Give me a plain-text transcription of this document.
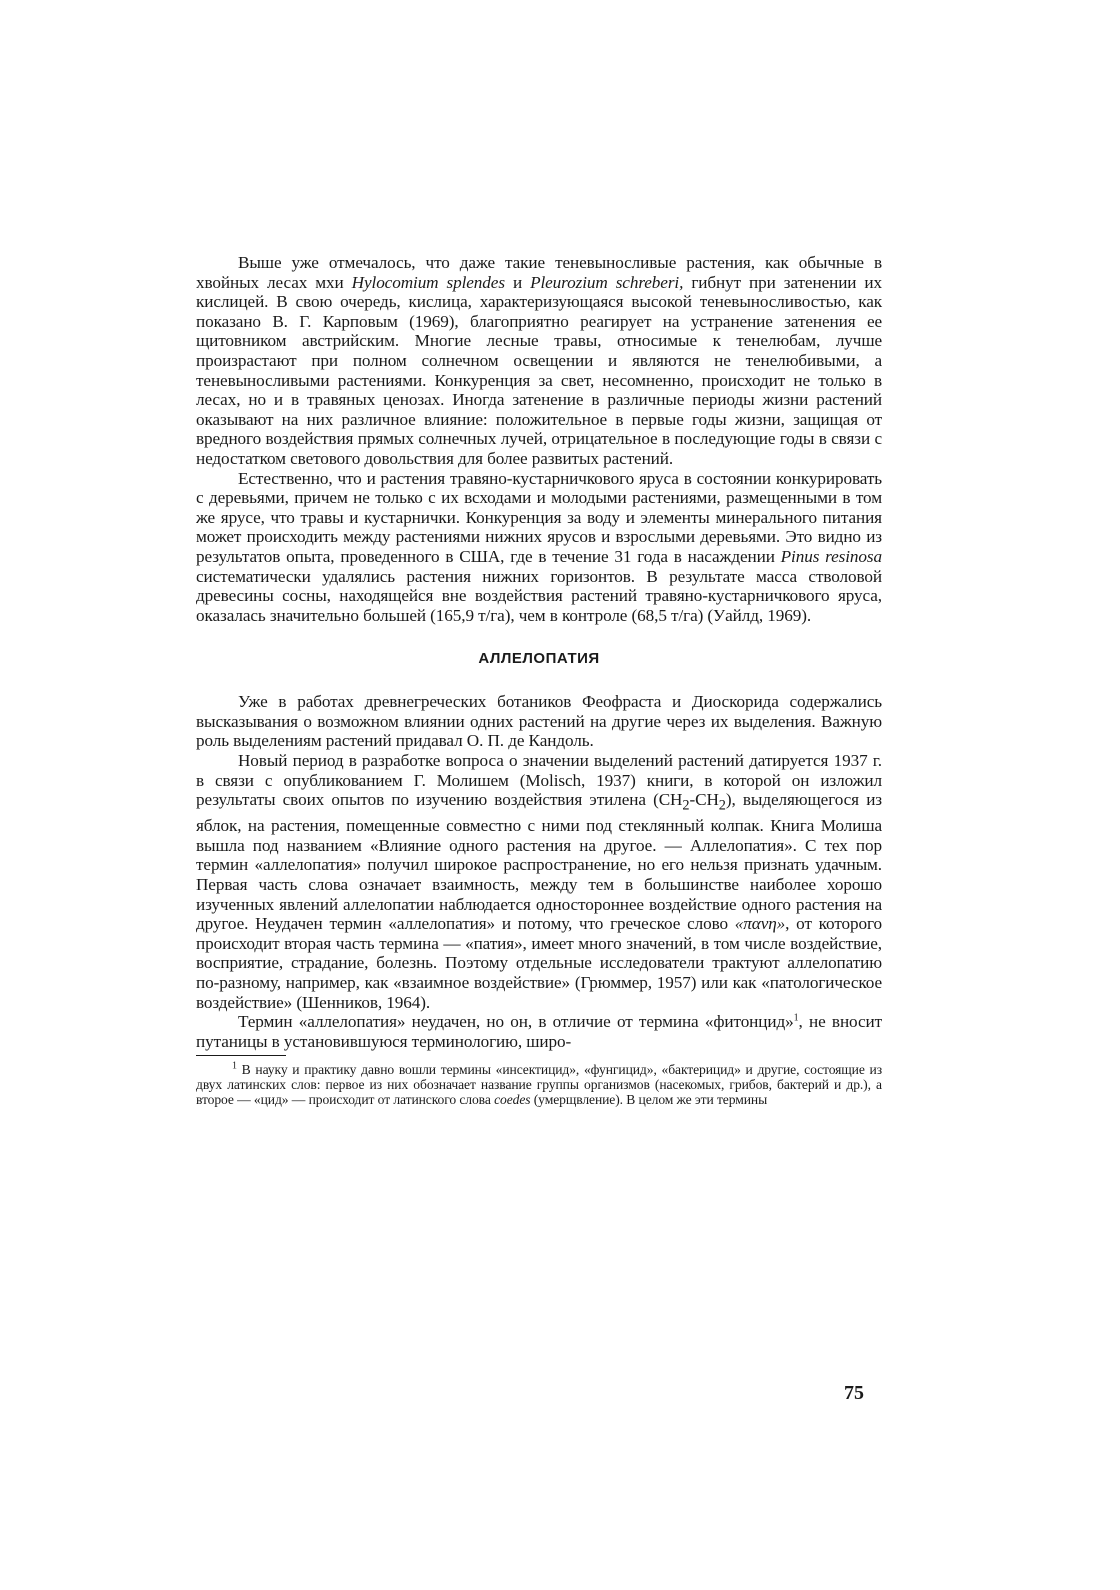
Выше уже отмечалось, что даже такие теневыносливые растения, как обычные в хвойных лесах мхи Hylocomium splendes и Pleurozium schreberi, гибнут при затенении их кислицей. В свою очередь, кислица, характеризующаяся высокой теневыносливостью, как показано В. Г. Карповым (1969), благоприятно реагирует на устранение затенения ее щитовником австрийским. Многие лесные травы, относимые к тенелюбам, лучше произрастают при полном солнечном освещении и являются не тенелюбивыми, а теневыносливыми растениями. Конкуренция за свет, несомненно, происходит не только в лесах, но и в травяных ценозах. Иногда затенение в различные периоды жизни растений оказывают на них различное влияние: положительное в первые годы жизни, защищая от вредного воздействия прямых солнечных лучей, отрицательное в последующие годы в связи с недостатком светового довольствия для более развитых растений.

Естественно, что и растения травяно-кустарничкового яруса в состоянии конкурировать с деревьями, причем не только с их всходами и молодыми растениями, размещенными в том же ярусе, что травы и кустарнички. Конкуренция за воду и элементы минерального питания может происходить между растениями нижних ярусов и взрослыми деревьями. Это видно из результатов опыта, проведенного в США, где в течение 31 года в насаждении Pinus resinosa систематически удалялись растения нижних горизонтов. В результате масса стволовой древесины сосны, находящейся вне воздействия растений травяно-кустарничкового яруса, оказалась значительно большей (165,9 т/га), чем в контроле (68,5 т/га) (Уайлд, 1969).

АЛЛЕЛОПАТИЯ

Уже в работах древнегреческих ботаников Феофраста и Диоскорида содержались высказывания о возможном влиянии одних растений на другие через их выделения. Важную роль выделениям растений придавал О. П. де Кандоль.

Новый период в разработке вопроса о значении выделений растений датируется 1937 г. в связи с опубликованием Г. Молишем (Molisch, 1937) книги, в которой он изложил результаты своих опытов по изучению воздействия этилена $(CH_2-CH_2)$, выделяющегося из яблок, на растения, помещенные совместно с ними под стеклянный колпак. Книга Молиша вышла под названием «Влияние одного растения на другое. — Аллелопатия». С тех пор термин «аллелопатия» получил широкое распространение, но его нельзя признать удачным. Первая часть слова означает взаимность, между тем в большинстве наиболее хорошо изученных явлений аллелопатии наблюдается одностороннее воздействие одного растения на другое. Неудачен термин «аллелопатия» и потому, что греческое слово «παvη», от которого происходит вторая часть термина — «патия», имеет много значений, в том числе воздействие, восприятие, страдание, болезнь. Поэтому отдельные исследователи трактуют аллелопатию по-разному, например, как «взаимное воздействие» (Грюммер, 1957) или как «патологическое воздействие» (Шенников, 1964).

Термин «аллелопатия» неудачен, но он, в отличие от термина «фитонцид»$^1$, не вносит путаницы в установившуюся терминологию, широ-

$^1$ В науку и практику давно вошли термины «инсектицид», «фунгицид», «бактерицид» и другие, состоящие из двух латинских слов: первое из них обозначает название группы организмов (насекомых, грибов, бактерий и др.), а второе — «цид» — происходит от латинского слова coedes (умерщвление). В целом же эти термины

75
